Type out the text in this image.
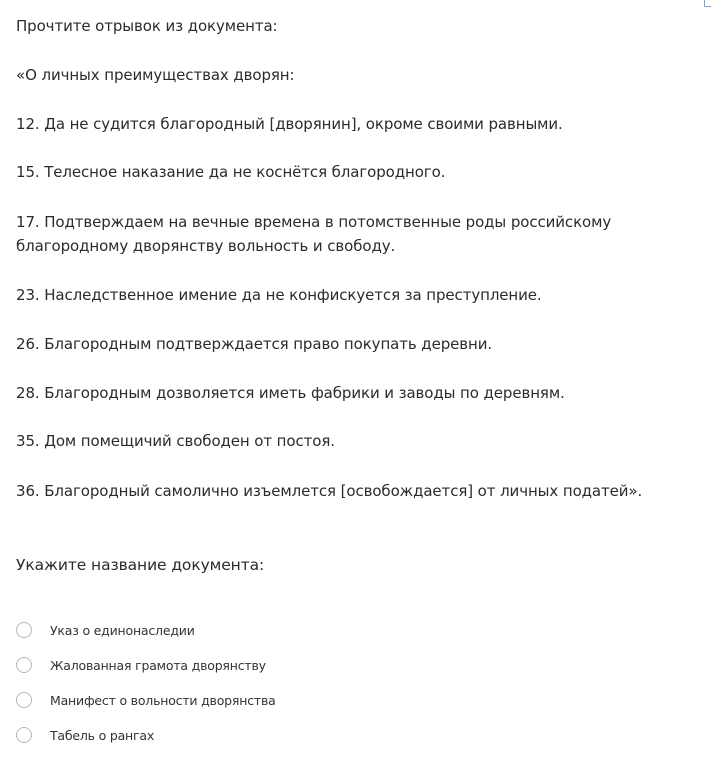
Прочтите отрывок из документа:
«О личных преимуществах дворян:
12. Да не судится благородный [дворянин], окроме своими равными.
15. Телесное наказание да не коснётся благородного.
17. Подтверждаем на вечные времена в потомственные роды российскому благородному дворянству вольность и свободу.
23. Наследственное имение да не конфискуется за преступление.
26. Благородным подтверждается право покупать деревни.
28. Благородным дозволяется иметь фабрики и заводы по деревням.
35. Дом помещичий свободен от постоя.
36. Благородный самолично изъемлется [освобождается] от личных податей».
Укажите название документа:
Указ о единонаследии
Жалованная грамота дворянству
Манифест о вольности дворянства
Табель о рангах
